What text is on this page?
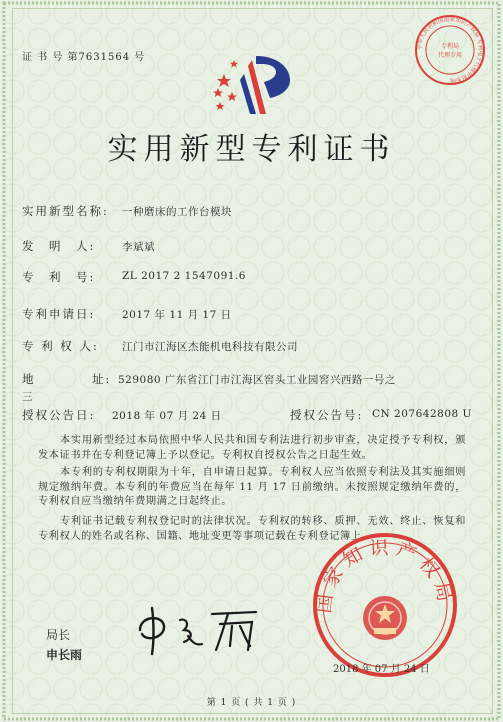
中华人民共和国国家知识产权局 专利电子代理申报系统
专利局
代理专用
证 书 号 第7631564 号
实用新型专利证书
实用新型名称: 一种磨床的工作台模块
发　明　人:	李斌斌
专　利　号:	ZL 2017 2 1547091.6
专利申请日:	2017 年 11 月 17 日
专 利 权 人: 江门市江海区杰能机电科技有限公司
地	址: 529080 广东省江门市江海区窖头工业园窖兴西路一号之
三
授权公告日: 2018 年 07 月 24 日	授权公告号: CN 207642808 U
　　本实用新型经过本局依照中华人民共和国专利法进行初步审查，决定授予专利权，颁发本证书并在专利登记簿上予以登记。专利权自授权公告之日起生效。
　　本专利的专利权期限为十年，自申请日起算。专利权人应当依照专利法及其实施细则规定缴纳年费。本专利的年费应当在每年 11 月 17 日前缴纳。未按照规定缴纳年费的，专利权自应当缴纳年费期满之日起终止。
　　专利证书记载专利权登记时的法律状况。专利权的转移、质押、无效、终止、恢复和专利权人的姓名或名称、国籍、地址变更等事项记载在专利登记簿上。
国家知识产权局
局长
申长雨
2018 年 07 月 24 日
第 1 页 ( 共 1 页 )
